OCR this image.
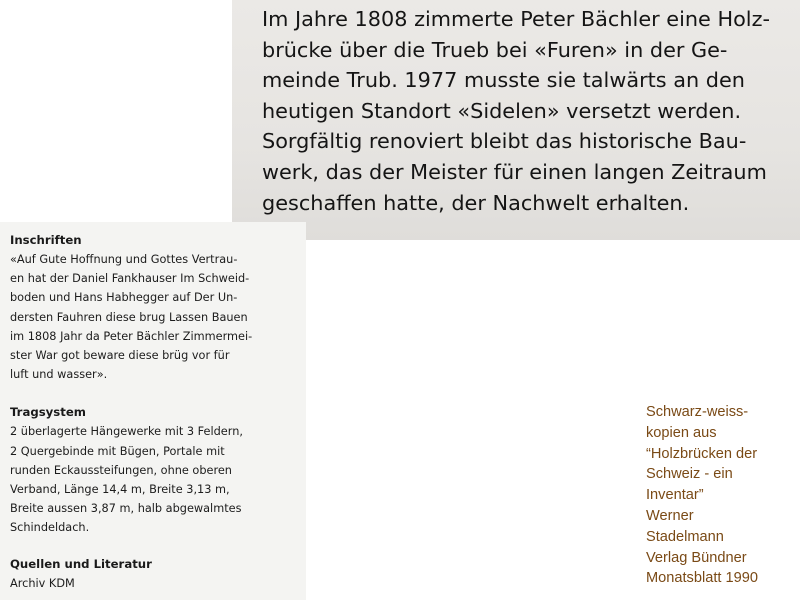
Im Jahre 1808 zimmerte Peter Bächler eine Holz-
brücke über die Trueb bei «Furen» in der Ge-
meinde Trub. 1977 musste sie talwärts an den
heutigen Standort «Sidelen» versetzt werden.
Sorgfältig renoviert bleibt das historische Bau-
werk, das der Meister für einen langen Zeitraum
geschaffen hatte, der Nachwelt erhalten.
Inschriften
«Auf Gute Hoffnung und Gottes Vertrau-
en hat der Daniel Fankhauser Im Schweid-
boden und Hans Habhegger auf Der Un-
dersten Fauhren diese brug Lassen Bauen
im 1808 Jahr da Peter Bächler Zimmermei-
ster War got beware diese brüg vor für
luft und wasser».
Tragsystem
2 überlagerte Hängewerke mit 3 Feldern,
2 Quergebinde mit Bügen, Portale mit
runden Eckaussteifungen, ohne oberen
Verband, Länge 14,4 m, Breite 3,13 m,
Breite aussen 3,87 m, halb abgewalmtes
Schindeldach.
Quellen und Literatur
Archiv KDM
Schwarz-weiss-
kopien aus
“Holzbrücken der
Schweiz - ein
Inventar”
Werner
Stadelmann
Verlag Bündner
Monatsblatt 1990
